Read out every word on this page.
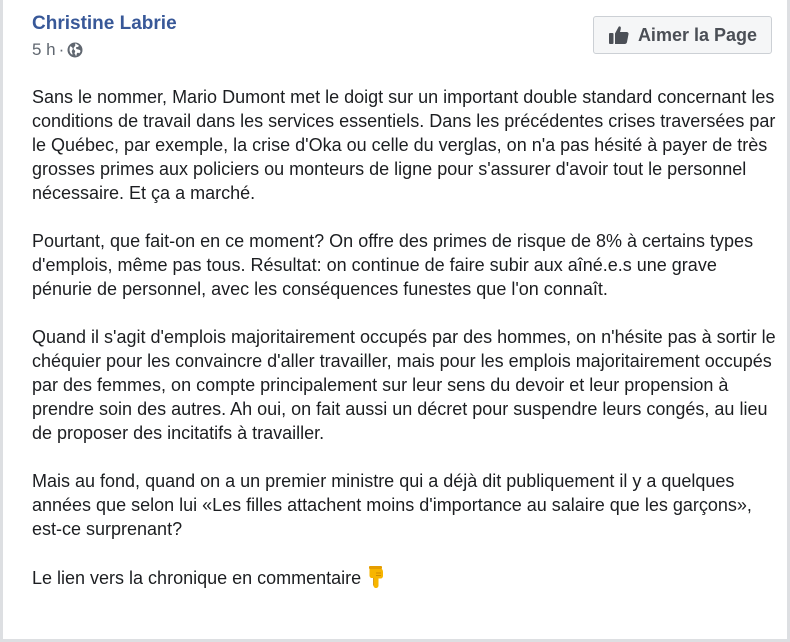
Christine Labrie
5 h ·
Aimer la Page

Sans le nommer, Mario Dumont met le doigt sur un important double standard concernant les conditions de travail dans les services essentiels. Dans les précédentes crises traversées par le Québec, par exemple, la crise d'Oka ou celle du verglas, on n'a pas hésité à payer de très grosses primes aux policiers ou monteurs de ligne pour s'assurer d'avoir tout le personnel nécessaire. Et ça a marché.

Pourtant, que fait-on en ce moment? On offre des primes de risque de 8% à certains types d'emplois, même pas tous. Résultat: on continue de faire subir aux aîné.e.s une grave pénurie de personnel, avec les conséquences funestes que l'on connaît.

Quand il s'agit d'emplois majoritairement occupés par des hommes, on n'hésite pas à sortir le chéquier pour les convaincre d'aller travailler, mais pour les emplois majoritairement occupés par des femmes, on compte principalement sur leur sens du devoir et leur propension à prendre soin des autres. Ah oui, on fait aussi un décret pour suspendre leurs congés, au lieu de proposer des incitatifs à travailler.

Mais au fond, quand on a un premier ministre qui a déjà dit publiquement il y a quelques années que selon lui «Les filles attachent moins d'importance au salaire que les garçons», est-ce surprenant?

Le lien vers la chronique en commentaire
